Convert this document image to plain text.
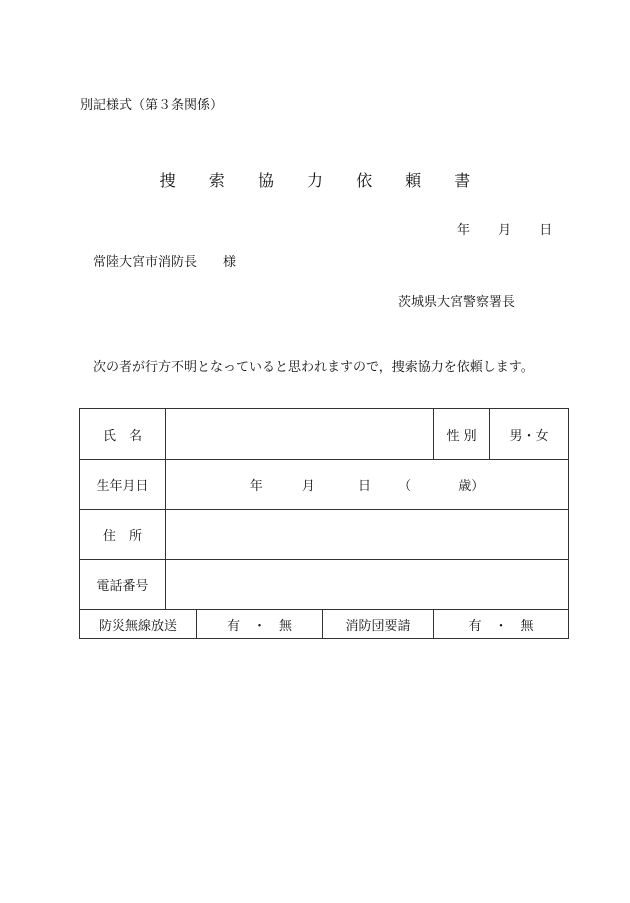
別記様式（第３条関係）
捜 索 協 力 依 頼 書
年 月 日
常陸大宮市消防長　　様
茨城県大宮警察署長
次の者が行方不明となっていると思われますので，捜索協力を依頼します。
氏　名				性 別	男・女
生年月日	年 月 日 （ 歳）				
住　所					
電話番号					
防災無線放送		有　・　無	消防団要請	有　・　無	
